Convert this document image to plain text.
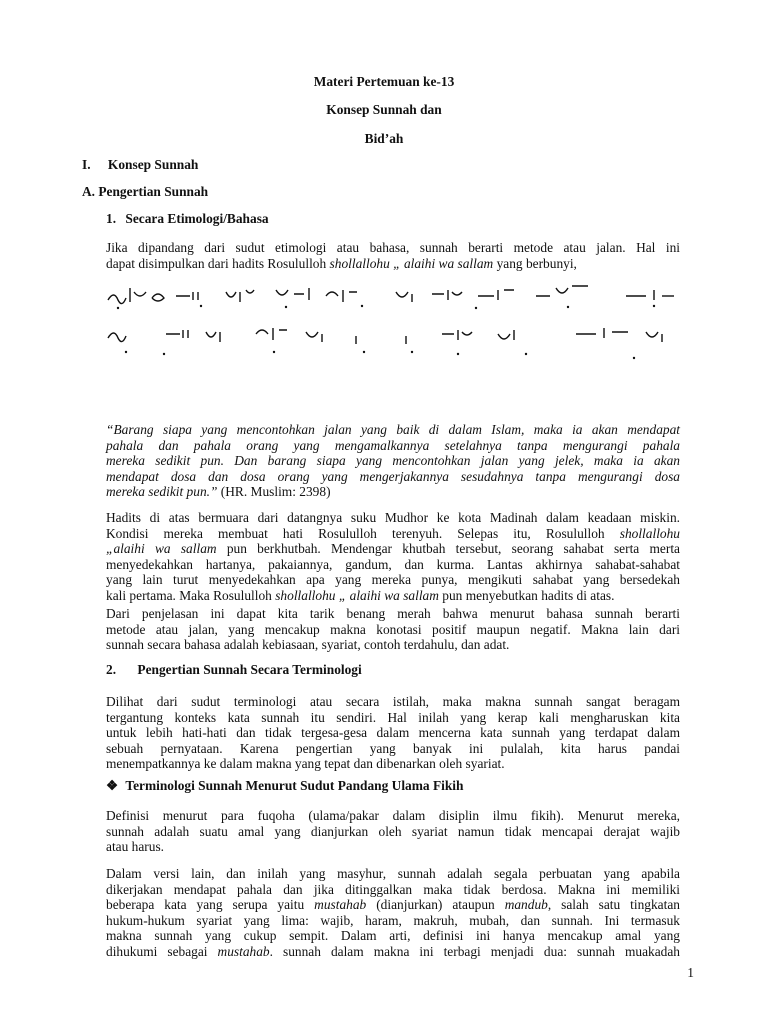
Materi Pertemuan ke-13

Konsep Sunnah dan

Bid’ah

I. Konsep Sunnah

A. Pengertian Sunnah

1. Secara Etimologi/Bahasa

Jika dipandang dari sudut etimologi atau bahasa, sunnah berarti metode atau jalan. Hal ini
dapat disimpulkan dari hadits Rosululloh shollallohu „ alaihi wa sallam yang berbunyi,
“Barang siapa yang mencontohkan jalan yang baik di dalam Islam, maka ia akan mendapat
pahala dan pahala orang yang mengamalkannya setelahnya tanpa mengurangi pahala
mereka sedikit pun. Dan barang siapa yang mencontohkan jalan yang jelek, maka ia akan
mendapat dosa dan dosa orang yang mengerjakannya sesudahnya tanpa mengurangi dosa
mereka sedikit pun.” (HR. Muslim: 2398)
Hadits di atas bermuara dari datangnya suku Mudhor ke kota Madinah dalam keadaan miskin.
Kondisi mereka membuat hati Rosululloh terenyuh. Selepas itu, Rosululloh shollallohu
„alaihi wa sallam pun berkhutbah. Mendengar khutbah tersebut, seorang sahabat serta merta
menyedekahkan hartanya, pakaiannya, gandum, dan kurma. Lantas akhirnya sahabat-sahabat
yang lain turut menyedekahkan apa yang mereka punya, mengikuti sahabat yang bersedekah
kali pertama. Maka Rosululloh shollallohu „ alaihi wa sallam pun menyebutkan hadits di atas.
Dari penjelasan ini dapat kita tarik benang merah bahwa menurut bahasa sunnah berarti
metode atau jalan, yang mencakup makna konotasi positif maupun negatif. Makna lain dari
sunnah secara bahasa adalah kebiasaan, syariat, contoh terdahulu, dan adat.

2. Pengertian Sunnah Secara Terminologi

Dilihat dari sudut terminologi atau secara istilah, maka makna sunnah sangat beragam
tergantung konteks kata sunnah itu sendiri. Hal inilah yang kerap kali mengharuskan kita
untuk lebih hati-hati dan tidak tergesa-gesa dalam mencerna kata sunnah yang terdapat dalam
sebuah pernyataan. Karena pengertian yang banyak ini pulalah, kita harus pandai
menempatkannya ke dalam makna yang tepat dan dibenarkan oleh syariat.

❖ Terminologi Sunnah Menurut Sudut Pandang Ulama Fikih

Definisi menurut para fuqoha (ulama/pakar dalam disiplin ilmu fikih). Menurut mereka,
sunnah adalah suatu amal yang dianjurkan oleh syariat namun tidak mencapai derajat wajib
atau harus.
Dalam versi lain, dan inilah yang masyhur, sunnah adalah segala perbuatan yang apabila
dikerjakan mendapat pahala dan jika ditinggalkan maka tidak berdosa. Makna ini memiliki
beberapa kata yang serupa yaitu mustahab (dianjurkan) ataupun mandub, salah satu tingkatan
hukum-hukum syariat yang lima: wajib, haram, makruh, mubah, dan sunnah. Ini termasuk
makna sunnah yang cukup sempit. Dalam arti, definisi ini hanya mencakup amal yang
dihukumi sebagai mustahab. sunnah dalam makna ini terbagi menjadi dua: sunnah muakadah

1
